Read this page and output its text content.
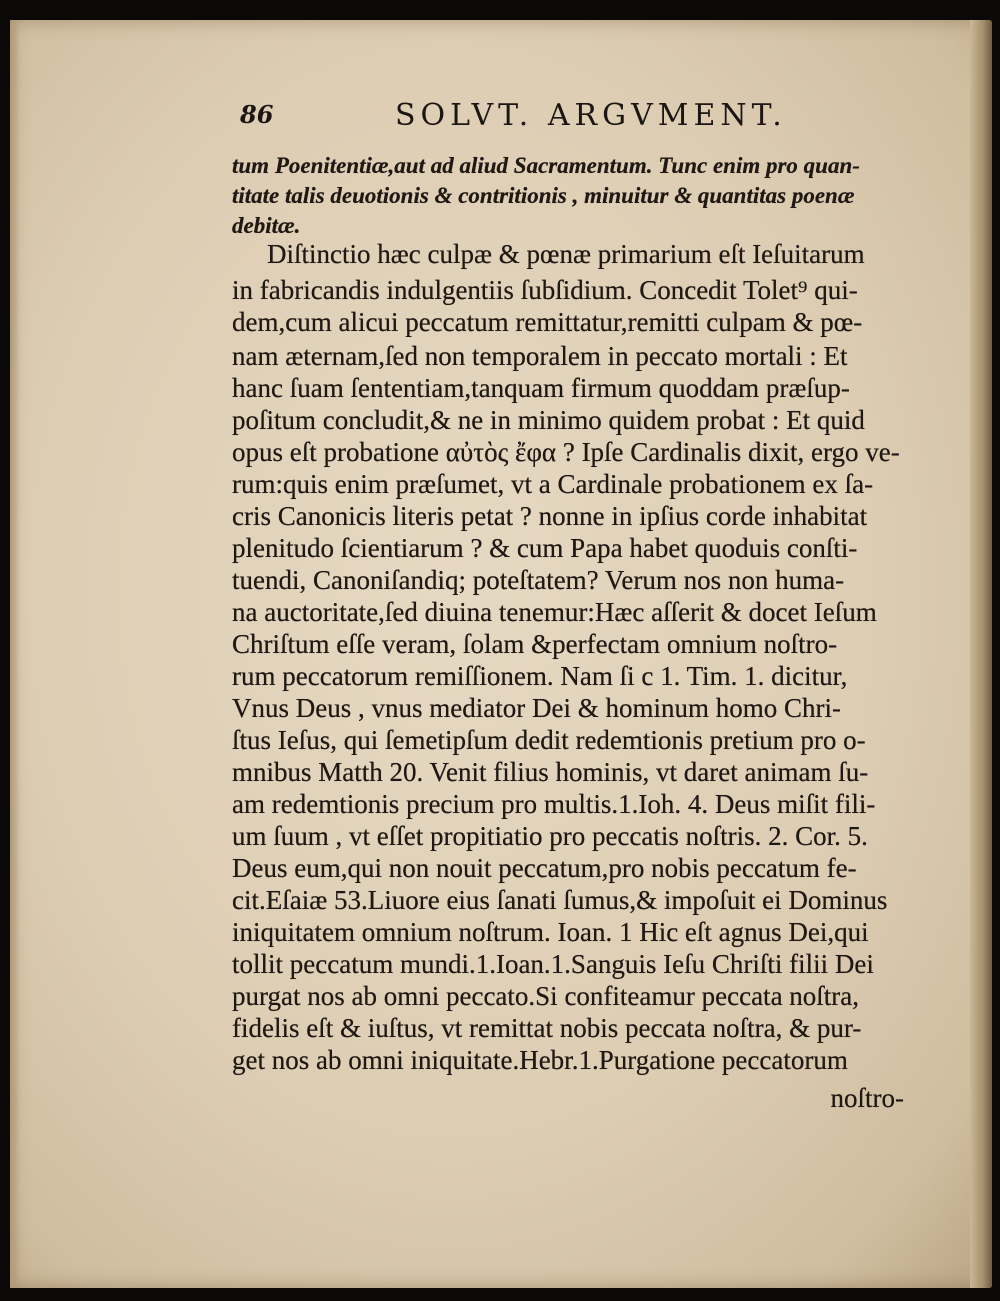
86	SOLVT. ARGVMENT.
tum Poenitentiæ,aut ad aliud Sacramentum. Tunc enim pro quan-
titate talis deuotionis & contritionis , minuitur & quantitas poenæ
debitæ.
Diſtinctio hæc culpæ & pœnæ primarium eſt Ieſuitarum
in fabricandis indulgentiis ſubſidium. Concedit Tolet⁹ qui-
dem,cum alicui peccatum remittatur,remitti culpam & pœ-
nam æternam,ſed non temporalem in peccato mortali : Et
hanc ſuam ſententiam,tanquam firmum quoddam præſup-
poſitum concludit,& ne in minimo quidem probat : Et quid
opus eſt probatione αὐτὸς ἔφα ? Ipſe Cardinalis dixit, ergo ve-
rum:quis enim præſumet, vt a Cardinale probationem ex ſa-
cris Canonicis literis petat ? nonne in ipſius corde inhabitat
plenitudo ſcientiarum ? & cum Papa habet quoduis conſti-
tuendi, Canoniſandiq; poteſtatem? Verum nos non huma-
na auctoritate,ſed diuina tenemur:Hæc aſſerit & docet Ieſum
Chriſtum eſſe veram, ſolam &perfectam omnium noſtro-
rum peccatorum remiſſionem. Nam ſi c 1. Tim. 1. dicitur,
Vnus Deus , vnus mediator Dei & hominum homo Chri-
ſtus Ieſus, qui ſemetipſum dedit redemtionis pretium pro o-
mnibus Matth 20. Venit filius hominis, vt daret animam ſu-
am redemtionis precium pro multis.1.Ioh. 4. Deus miſit fili-
um ſuum , vt eſſet propitiatio pro peccatis noſtris. 2. Cor. 5.
Deus eum,qui non nouit peccatum,pro nobis peccatum fe-
cit.Eſaiæ 53.Liuore eius ſanati ſumus,& impoſuit ei Dominus
iniquitatem omnium noſtrum. Ioan. 1 Hic eſt agnus Dei,qui
tollit peccatum mundi.1.Ioan.1.Sanguis Ieſu Chriſti filii Dei
purgat nos ab omni peccato.Si confiteamur peccata noſtra,
fidelis eſt & iuſtus, vt remittat nobis peccata noſtra, & pur-
get nos ab omni iniquitate.Hebr.1.Purgatione peccatorum
noſtro-
